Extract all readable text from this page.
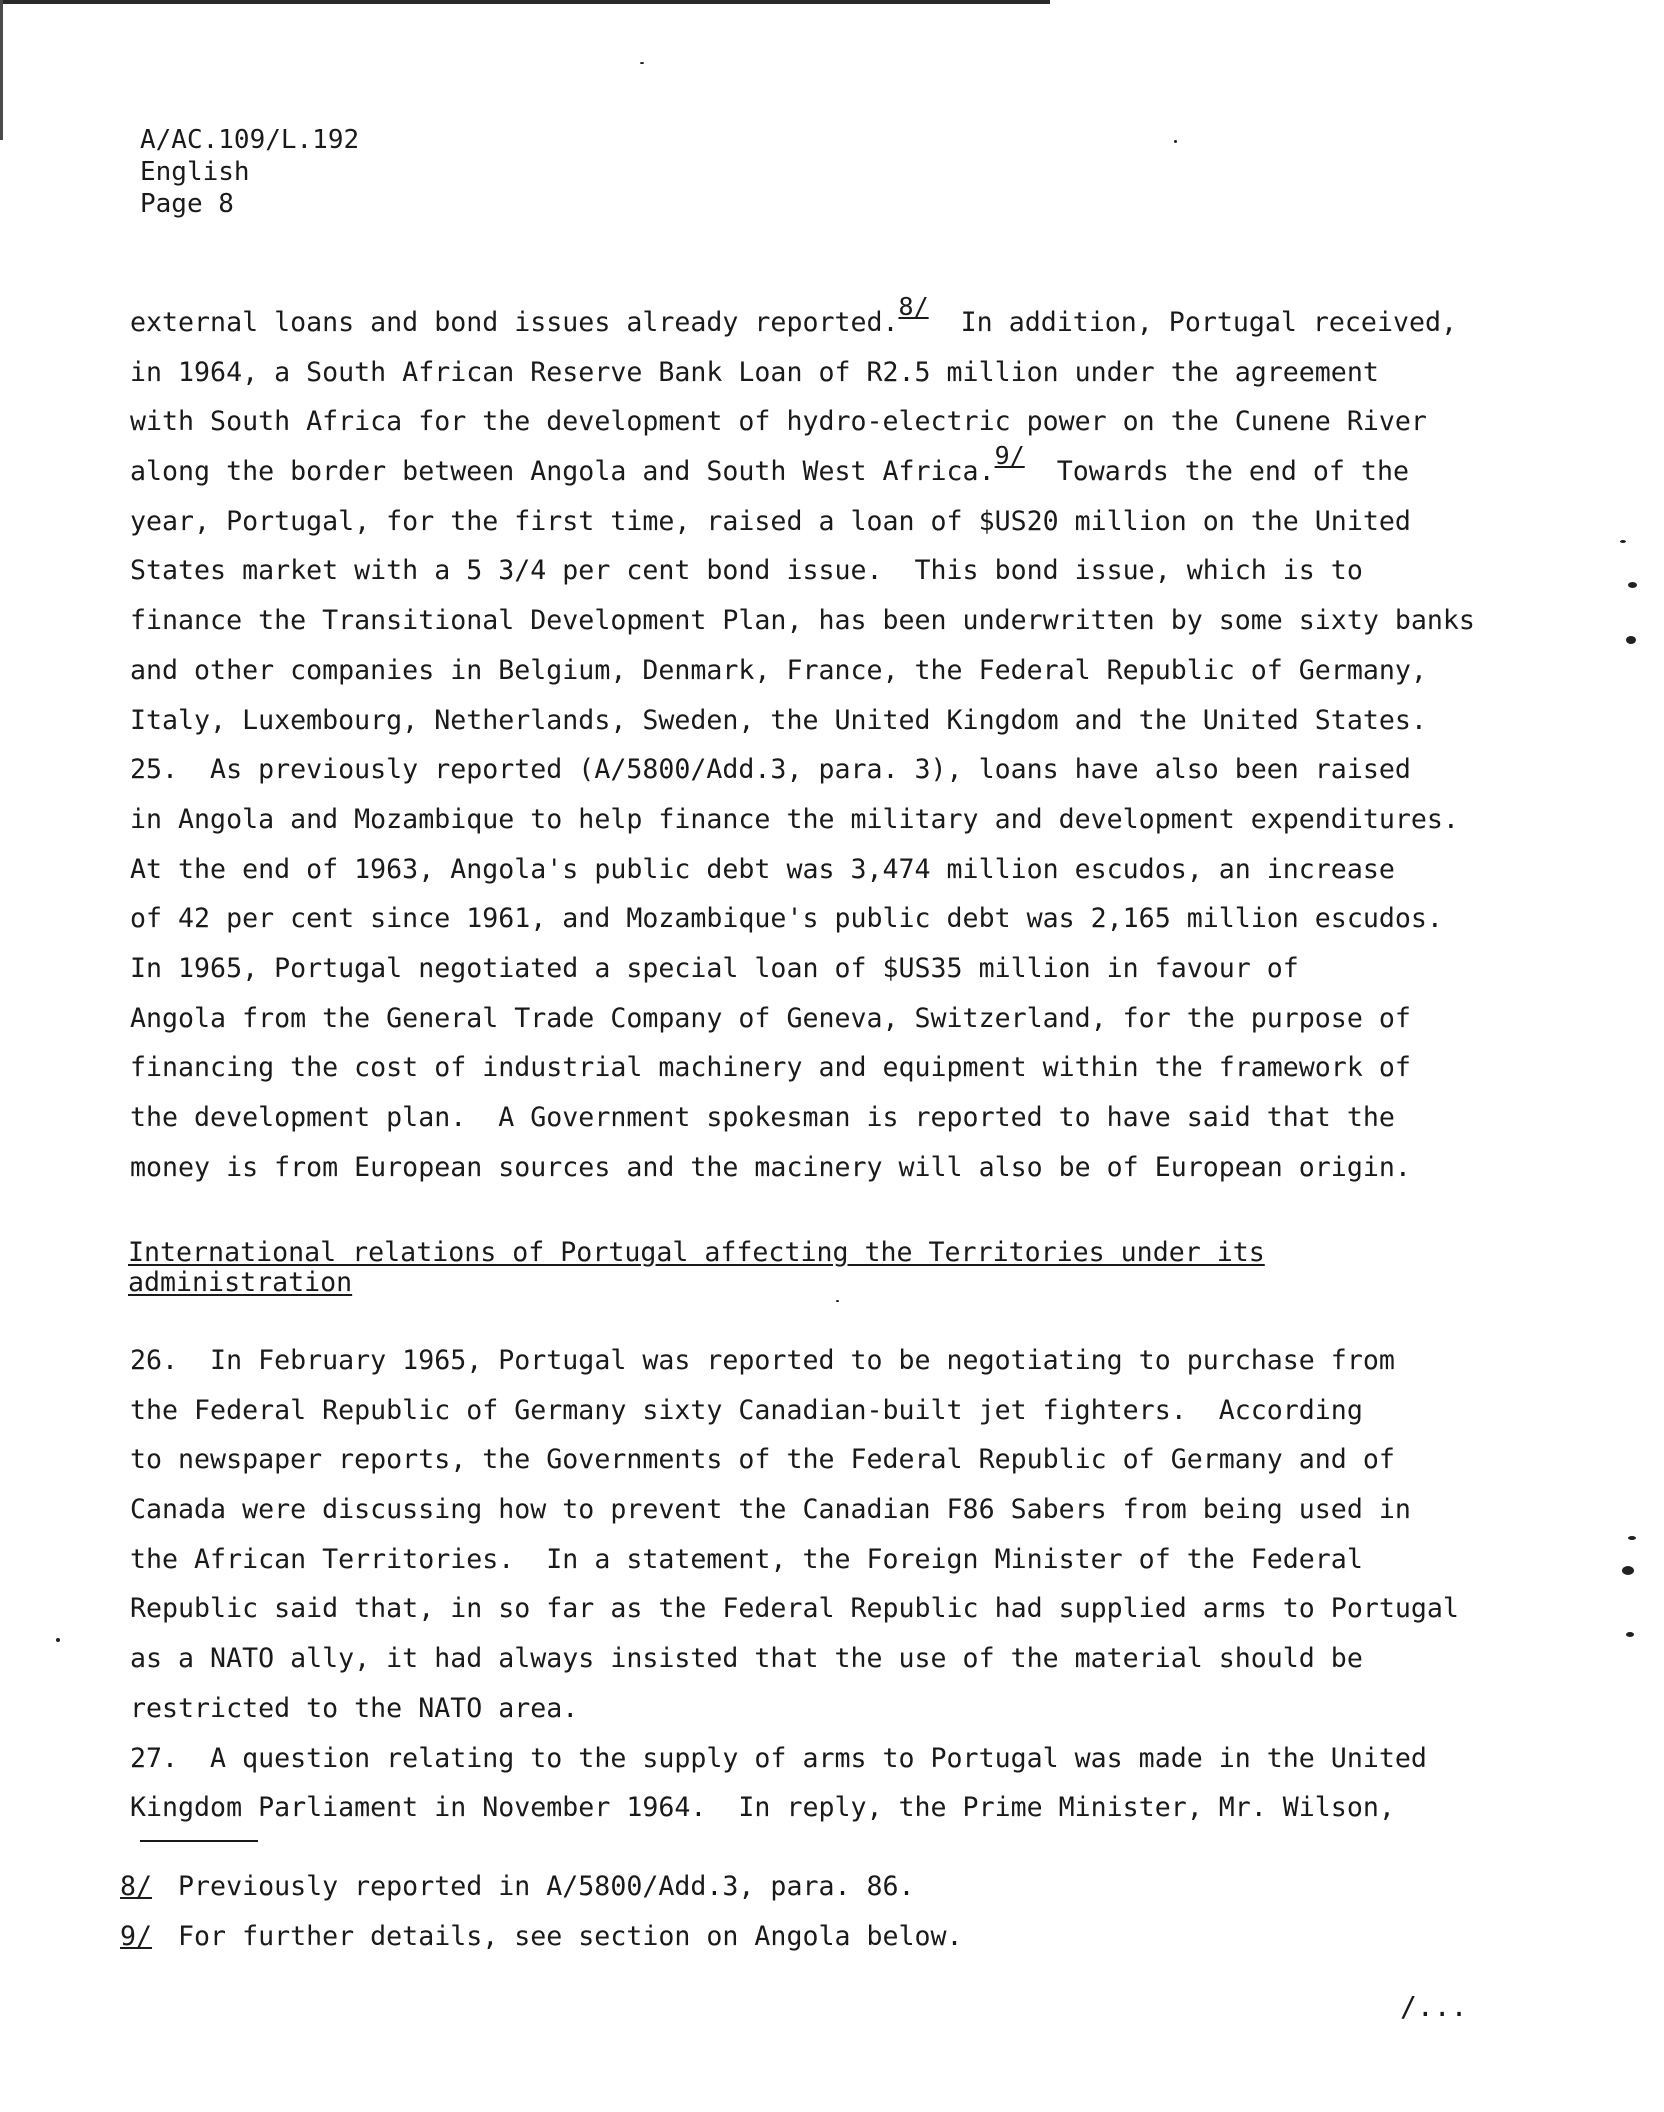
A/AC.109/L.192
English
Page 8
external loans and bond issues already reported.8/  In addition, Portugal received,
in 1964, a South African Reserve Bank Loan of R2.5 million under the agreement
with South Africa for the development of hydro-electric power on the Cunene River
along the border between Angola and South West Africa.9/  Towards the end of the
year, Portugal, for the first time, raised a loan of $US20 million on the United
States market with a 5 3/4 per cent bond issue.  This bond issue, which is to
finance the Transitional Development Plan, has been underwritten by some sixty banks
and other companies in Belgium, Denmark, France, the Federal Republic of Germany,
Italy, Luxembourg, Netherlands, Sweden, the United Kingdom and the United States.
25.  As previously reported (A/5800/Add.3, para. 3), loans have also been raised
in Angola and Mozambique to help finance the military and development expenditures.
At the end of 1963, Angola's public debt was 3,474 million escudos, an increase
of 42 per cent since 1961, and Mozambique's public debt was 2,165 million escudos.
In 1965, Portugal negotiated a special loan of $US35 million in favour of
Angola from the General Trade Company of Geneva, Switzerland, for the purpose of
financing the cost of industrial machinery and equipment within the framework of
the development plan.  A Government spokesman is reported to have said that the
money is from European sources and the macinery will also be of European origin.
International relations of Portugal affecting the Territories under its
administration
26.  In February 1965, Portugal was reported to be negotiating to purchase from
the Federal Republic of Germany sixty Canadian-built jet fighters.  According
to newspaper reports, the Governments of the Federal Republic of Germany and of
Canada were discussing how to prevent the Canadian F86 Sabers from being used in
the African Territories.  In a statement, the Foreign Minister of the Federal
Republic said that, in so far as the Federal Republic had supplied arms to Portugal
as a NATO ally, it had always insisted that the use of the material should be
restricted to the NATO area.
27.  A question relating to the supply of arms to Portugal was made in the United
Kingdom Parliament in November 1964.  In reply, the Prime Minister, Mr. Wilson,
8/ Previously reported in A/5800/Add.3, para. 86.
9/ For further details, see section on Angola below.
/...
